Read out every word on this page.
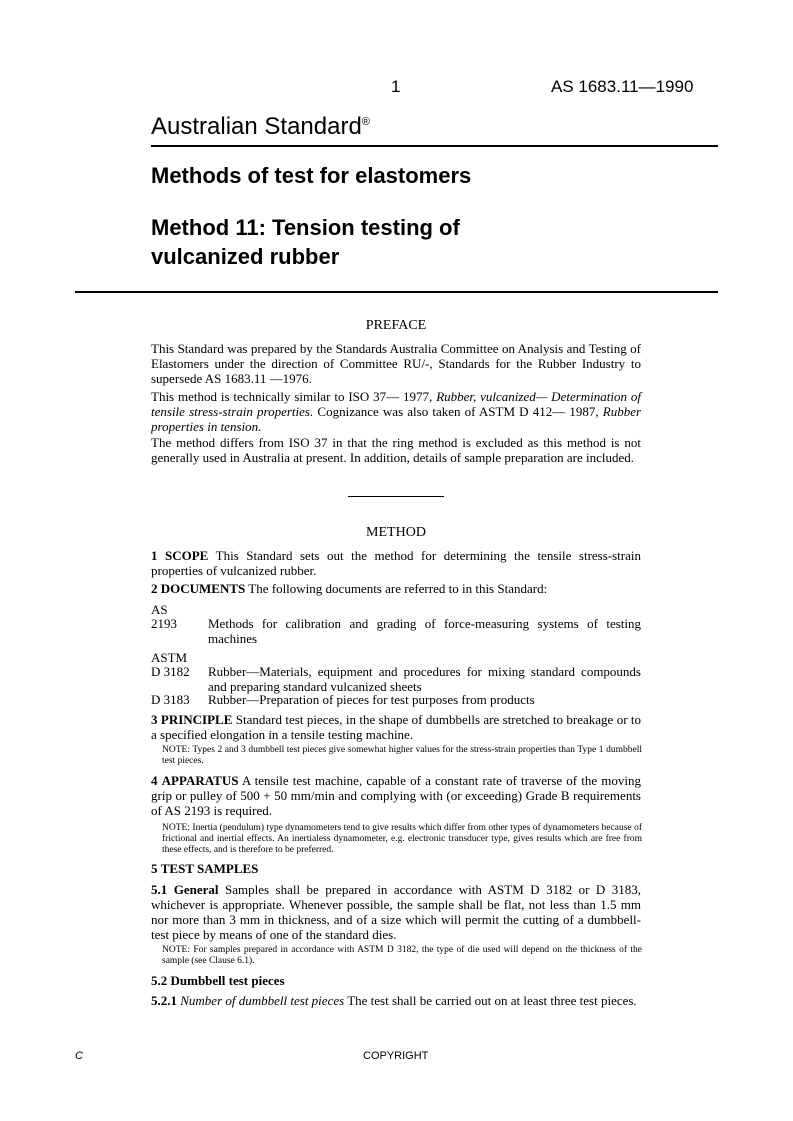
1	AS 1683.11—1990
Australian Standard®
Methods of test for elastomers
Method 11: Tension testing of
vulcanized rubber
PREFACE
This Standard was prepared by the Standards Australia Committee on Analysis and Testing of Elastomers under the direction of Committee RU/-, Standards for the Rubber Industry to supersede AS 1683.11 —1976.
This method is technically similar to ISO 37— 1977, Rubber, vulcanized— Determination of tensile stress-strain properties. Cognizance was also taken of ASTM D 412— 1987, Rubber properties in tension.
The method differs from ISO 37 in that the ring method is excluded as this method is not generally used in Australia at present. In addition, details of sample preparation are included.
METHOD
1 SCOPE This Standard sets out the method for determining the tensile stress-strain properties of vulcanized rubber.
2 DOCUMENTS The following documents are referred to in this Standard:
AS
2193 Methods for calibration and grading of force-measuring systems of testing machines
ASTM
D 3182 Rubber—Materials, equipment and procedures for mixing standard compounds and preparing standard vulcanized sheets
D 3183 Rubber—Preparation of pieces for test purposes from products
3 PRINCIPLE Standard test pieces, in the shape of dumbbells are stretched to breakage or to a specified elongation in a tensile testing machine.
NOTE: Types 2 and 3 dumbbell test pieces give somewhat higher values for the stress-strain properties than Type 1 dumbbell test pieces.
4 APPARATUS A tensile test machine, capable of a constant rate of traverse of the moving grip or pulley of 500 + 50 mm/min and complying with (or exceeding) Grade B requirements of AS 2193 is required.
NOTE: Inertia (pendulum) type dynamometers tend to give results which differ from other types of dynamometers because of frictional and inertial effects. An inertialess dynamometer, e.g. electronic transducer type, gives results which are free from these effects, and is therefore to be preferred.
5 TEST SAMPLES
5.1 General Samples shall be prepared in accordance with ASTM D 3182 or D 3183, whichever is appropriate. Whenever possible, the sample shall be flat, not less than 1.5 mm nor more than 3 mm in thickness, and of a size which will permit the cutting of a dumbbell-test piece by means of one of the standard dies.
NOTE: For samples prepared in accordance with ASTM D 3182, the type of die used will depend on the thickness of the sample (see Clause 6.1).
5.2 Dumbbell test pieces
5.2.1 Number of dumbbell test pieces The test shall be carried out on at least three test pieces.
C	COPYRIGHT
